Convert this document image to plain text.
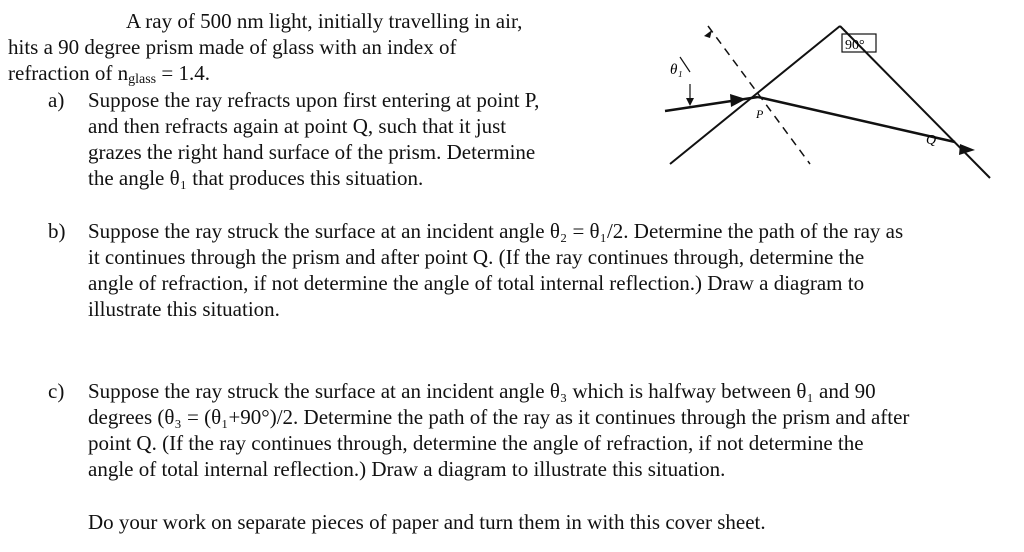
A ray of 500 nm light, initially travelling in air,
hits a 90 degree prism made of glass with an index of
refraction of $n_{glass} = 1.4$.
a) Suppose the ray refracts upon first entering at point P,
and then refracts again at point Q, such that it just
grazes the right hand surface of the prism. Determine
the angle θ₁ that produces this situation.
90°
θ₁
P
Q
b) Suppose the ray struck the surface at an incident angle θ₂ = θ₁/2. Determine the path of the ray as
it continues through the prism and after point Q. (If the ray continues through, determine the
angle of refraction, if not determine the angle of total internal reflection.) Draw a diagram to
illustrate this situation.
c) Suppose the ray struck the surface at an incident angle θ₃ which is halfway between θ₁ and 90
degrees (θ₃ = (θ₁+90°)/2. Determine the path of the ray as it continues through the prism and after
point Q. (If the ray continues through, determine the angle of refraction, if not determine the
angle of total internal reflection.) Draw a diagram to illustrate this situation.
Do your work on separate pieces of paper and turn them in with this cover sheet.
